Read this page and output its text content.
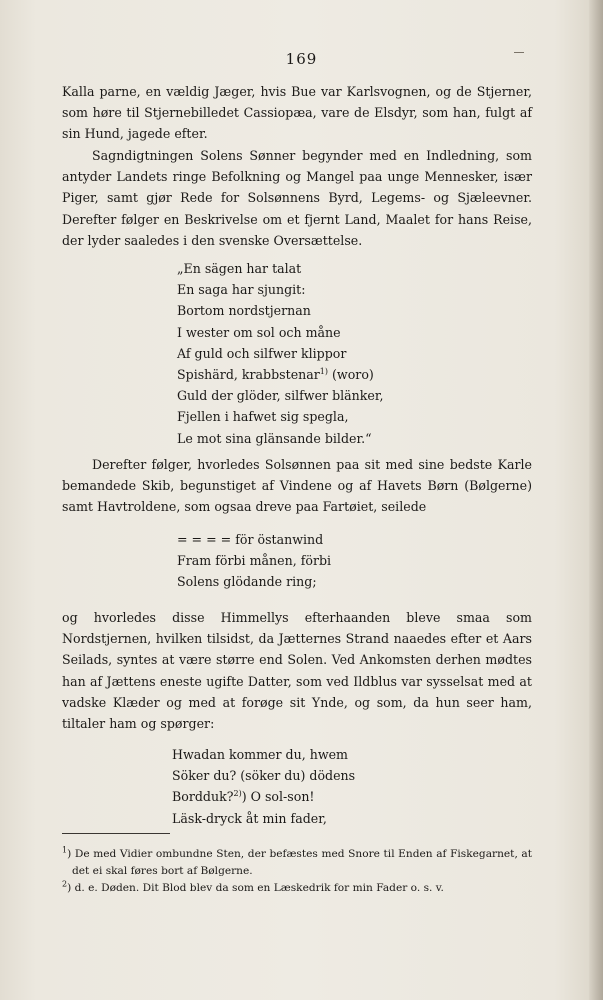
169

Kalla parne, en vældig Jæger, hvis Bue var Karlsvognen, og de Stjerner, som høre til Stjernebilledet Cassiopæa, vare de Elsdyr, som han, fulgt af sin Hund, jagede efter.

Sagndigtningen Solens Sønner begynder med en Indledning, som antyder Landets ringe Befolkning og Mangel paa unge Mennesker, især Piger, samt gjør Rede for Solsønnens Byrd, Legems- og Sjæleevner. Derefter følger en Beskrivelse om et fjernt Land, Maalet for hans Reise, der lyder saaledes i den svenske Oversættelse.

„En sägen har talat
En saga har sjungit:
Bortom nordstjernan
I wester om sol och måne
Af guld och silfwer klippor
Spishärd, krabbstenar$^{1)}$ (woro)
Guld der glöder, silfwer blänker,
Fjellen i hafwet sig spegla,
Le mot sina glänsande bilder.“

Derefter følger, hvorledes Solsønnen paa sit med sine bedste Karle bemandede Skib, begunstiget af Vindene og af Havets Børn (Bølgerne) samt Havtroldene, som ogsaa dreve paa Fartøiet, seilede

= = = = för östanwind
Fram förbi månen, förbi
Solens glödande ring;

og hvorledes disse Himmellys efterhaanden bleve smaa som Nordstjernen, hvilken tilsidst, da Jætternes Strand naaedes efter et Aars Seilads, syntes at være større end Solen. Ved Ankomsten derhen mødtes han af Jættens eneste ugifte Datter, som ved Ildblus var sysselsat med at vadske Klæder og med at forøge sit Ynde, og som, da hun seer ham, tiltaler ham og spørger:

Hwadan kommer du, hwem
Söker du? (söker du) dödens
Bordduk?$^{2)}$) O sol-son!
Läsk-dryck åt min fader,

$^1$) De med Vidier ombundne Sten, der befæstes med Snore til Enden af Fiskegarnet, at det ei skal føres bort af Bølgerne.

$^2$) d. e. Døden. Dit Blod blev da som en Læskedrik for min Fader o. s. v.
